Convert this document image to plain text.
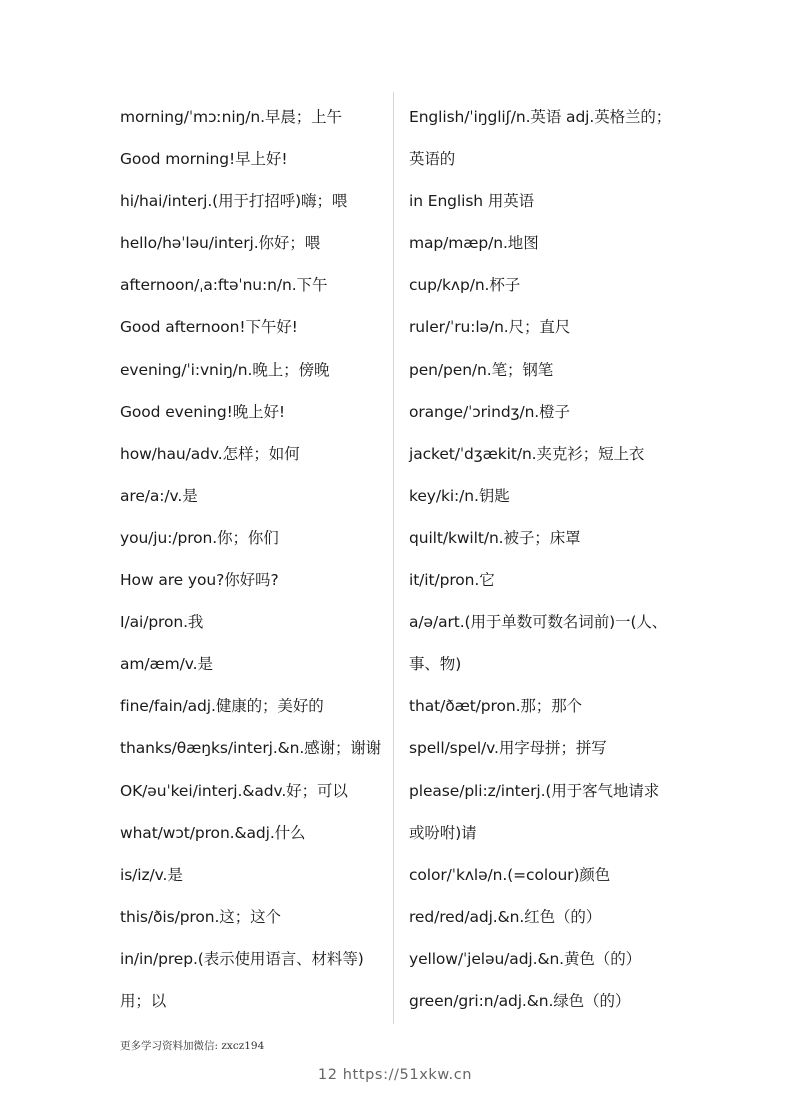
morning/ˈmɔːniŋ/n.早晨；上午
Good morning!早上好!
hi/hai/interj.(用于打招呼)嗨；喂
hello/həˈləu/interj.你好；喂
afternoon/ˌa:ftəˈnu:n/n.下午
Good afternoon!下午好!
evening/ˈi:vniŋ/n.晚上；傍晚
Good evening!晚上好!
how/hau/adv.怎样；如何
are/a:/v.是
you/ju:/pron.你；你们
How are you?你好吗?
I/ai/pron.我
am/æm/v.是
fine/fain/adj.健康的；美好的
thanks/θæŋks/interj.&n.感谢；谢谢
OK/əuˈkei/interj.&adv.好；可以
what/wɔt/pron.&adj.什么
is/iz/v.是
this/ðis/pron.这；这个
in/in/prep.(表示使用语言、材料等)
用；以
English/ˈiŋgliʃ/n.英语 adj.英格兰的；
英语的
in English 用英语
map/mæp/n.地图
cup/kʌp/n.杯子
ruler/ˈru:lə/n.尺；直尺
pen/pen/n.笔；钢笔
orange/ˈɔrindʒ/n.橙子
jacket/ˈdʒækit/n.夹克衫；短上衣
key/ki:/n.钥匙
quilt/kwilt/n.被子；床罩
it/it/pron.它
a/ə/art.(用于单数可数名词前)一(人、
事、物)
that/ðæt/pron.那；那个
spell/spel/v.用字母拼；拼写
please/pli:z/interj.(用于客气地请求
或吩咐)请
color/ˈkʌlə/n.(=colour)颜色
red/red/adj.&n.红色（的）
yellow/ˈjeləu/adj.&n.黄色（的）
green/gri:n/adj.&n.绿色（的）
更多学习资料加微信: zxcz194
12 https://51xkw.cn
